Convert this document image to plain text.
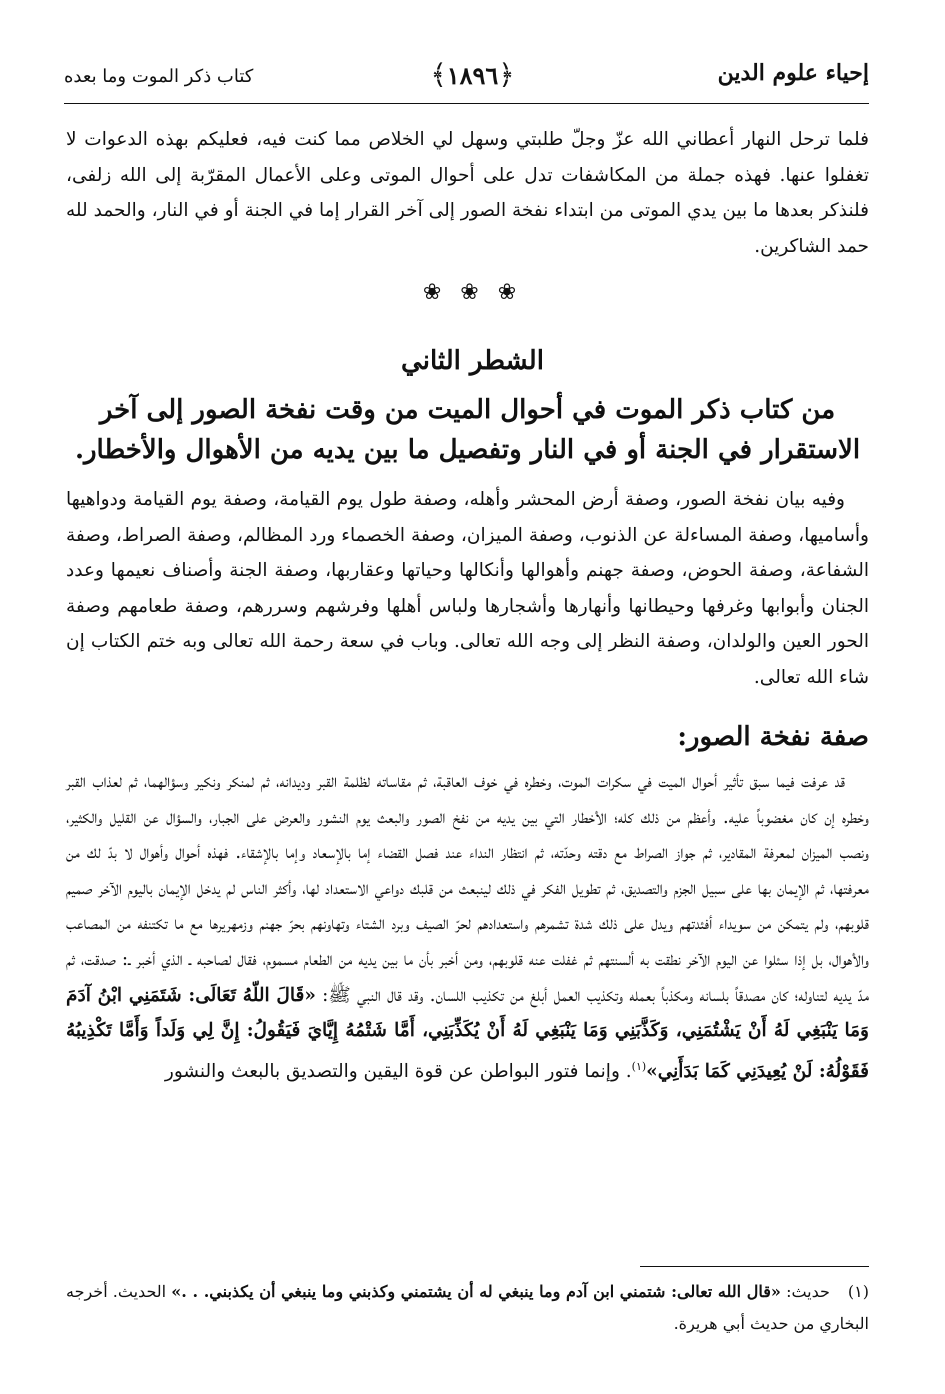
إحياء علوم الدين
﴿١٨٩٦﴾
كتاب ذكر الموت وما بعده
فلما ترحل النهار أعطاني الله عزّ وجلّ طلبتي وسهل لي الخلاص مما كنت فيه، فعليكم بهذه الدعوات لا تغفلوا عنها. فهذه جملة من المكاشفات تدل على أحوال الموتى وعلى الأعمال المقرّبة إلى الله زلفى، فلنذكر بعدها ما بين يدي الموتى من ابتداء نفخة الصور إلى آخر القرار إما في الجنة أو في النار، والحمد لله حمد الشاكرين.
❀ ❀ ❀
الشطر الثاني
من كتاب ذكر الموت في أحوال الميت من وقت نفخة الصور إلى آخر الاستقرار في الجنة أو في النار وتفصيل ما بين يديه من الأهوال والأخطار.

وفيه بيان نفخة الصور، وصفة أرض المحشر وأهله، وصفة طول يوم القيامة، وصفة يوم القيامة ودواهيها وأساميها، وصفة المساءلة عن الذنوب، وصفة الميزان، وصفة الخصماء ورد المظالم، وصفة الصراط، وصفة الشفاعة، وصفة الحوض، وصفة جهنم وأهوالها وأنكالها وحياتها وعقاربها، وصفة الجنة وأصناف نعيمها وعدد الجنان وأبوابها وغرفها وحيطانها وأنهارها وأشجارها ولباس أهلها وفرشهم وسررهم، وصفة طعامهم وصفة الحور العين والولدان، وصفة النظر إلى وجه الله تعالى. وباب في سعة رحمة الله تعالى وبه ختم الكتاب إن شاء الله تعالى.

صفة نفخة الصور:

قد عرفت فيما سبق تأثير أحوال الميت في سكرات الموت، وخطره في خوف العاقبة، ثم مقاساته لظلمة القبر وديدانه، ثم لمنكر ونكير وسؤالهما، ثم لعذاب القبر وخطره إن كان مغضوباً عليه. وأعظم من ذلك كله؛ الأخطار التي بين يديه من نفخ الصور والبعث يوم النشور والعرض على الجبار، والسؤال عن القليل والكثير، ونصب الميزان لمعرفة المقادير، ثم جواز الصراط مع دقته وحدّته، ثم انتظار النداء عند فصل القضاء إما بالإسعاد وإما بالإشقاء. فهذه أحوال وأهوال لا بدّ لك من معرفتها، ثم الإيمان بها على سبيل الجزم والتصديق، ثم تطويل الفكر في ذلك لينبعث من قلبك دواعي الاستعداد لها، وأكثر الناس لم يدخل الإيمان باليوم الآخر صميم قلوبهم، ولم يتمكن من سويداء أفئدتهم ويدل على ذلك شدة تشمرهم واستعدادهم لحرّ الصيف وبرد الشتاء وتهاونهم بحرّ جهنم وزمهريرها مع ما تكتنفه من المصاعب والأهوال، بل إذا سئلوا عن اليوم الآخر نطقت به ألسنتهم ثم غفلت عنه قلوبهم، ومن أخبر بأن ما بين يديه من الطعام مسموم، فقال لصاحبه ـ الذي أخبر ـ: صدقت، ثم مدّ يديه لتناوله؛ كان مصدقاً بلسانه ومكذباً بعمله وتكذيب العمل أبلغ من تكذيب اللسان. وقد قال النبي ﷺ: «قَالَ اللّهُ تَعَالَى: شَتَمَنِي ابْنُ آدَمَ وَمَا يَنْبَغِي لَهُ أَنْ يَشْتُمَنِي، وَكَذَّبَنِي وَمَا يَنْبَغِي لَهُ أَنْ يُكَذِّبَنِي، أَمَّا شَتْمُهُ إِيَّايَ فَيَقُولُ: إِنَّ لِي وَلَداً وَأَمَّا تَكْذِيبُهُ فَقَوْلُهُ: لَنْ يُعِيدَنِي كَمَا بَدَأَنِي»$^{(١)}$. وإنما فتور البواطن عن قوة اليقين والتصديق بالبعث والنشور

(١)حديث: «قال الله تعالى: شتمني ابن آدم وما ينبغي له أن يشتمني وكذبني وما ينبغي أن يكذبني. . .» الحديث. أخرجه البخاري من حديث أبي هريرة.
